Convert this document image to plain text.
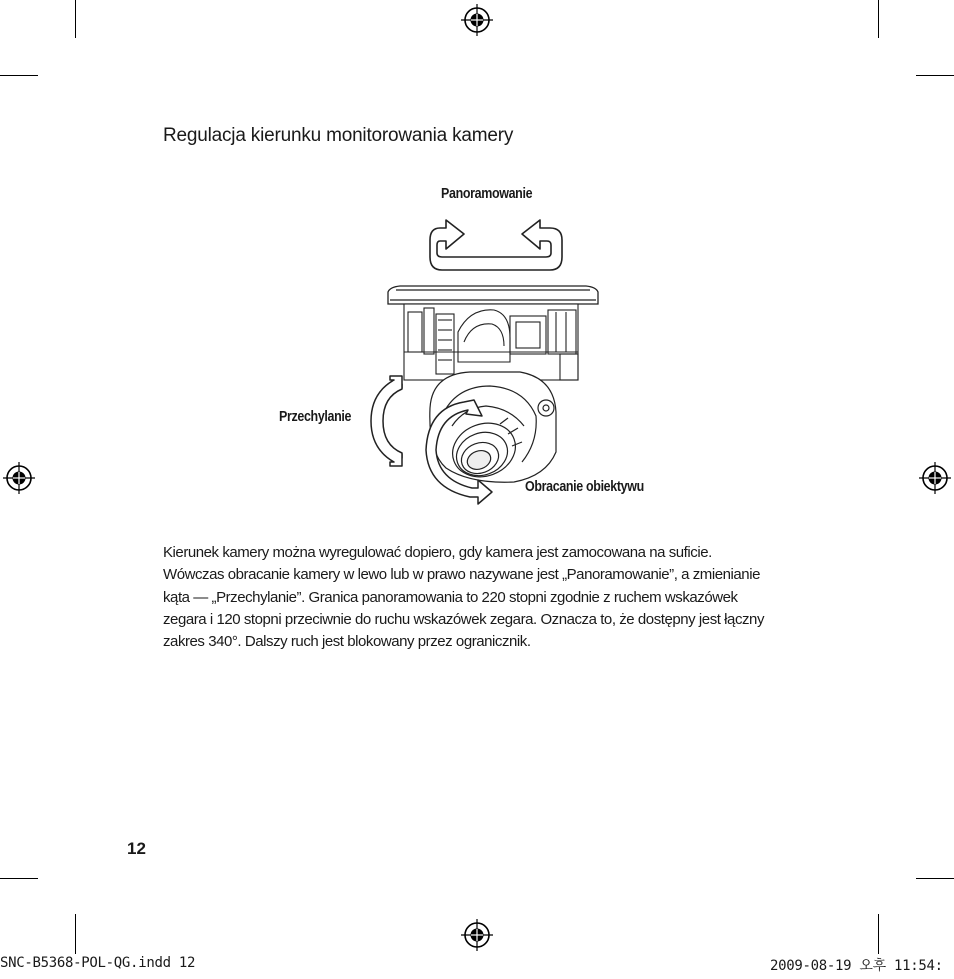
Regulacja kierunku monitorowania kamery
Panoramowanie
Przechylanie
Obracanie obiektywu
Kierunek kamery można wyregulować dopiero, gdy kamera jest zamocowana na suficie.
Wówczas obracanie kamery w lewo lub w prawo nazywane jest „Panoramowanie”, a zmienianie
kąta — „Przechylanie”. Granica panoramowania to 220 stopni zgodnie z ruchem wskazówek
zegara i 120 stopni przeciwnie do ruchu wskazówek zegara. Oznacza to, że dostępny jest łączny
zakres 340°. Dalszy ruch jest blokowany przez ogranicznik.
12
SNC-B5368-POL-QG.indd 12	2009-08-19 오후 11:54:
